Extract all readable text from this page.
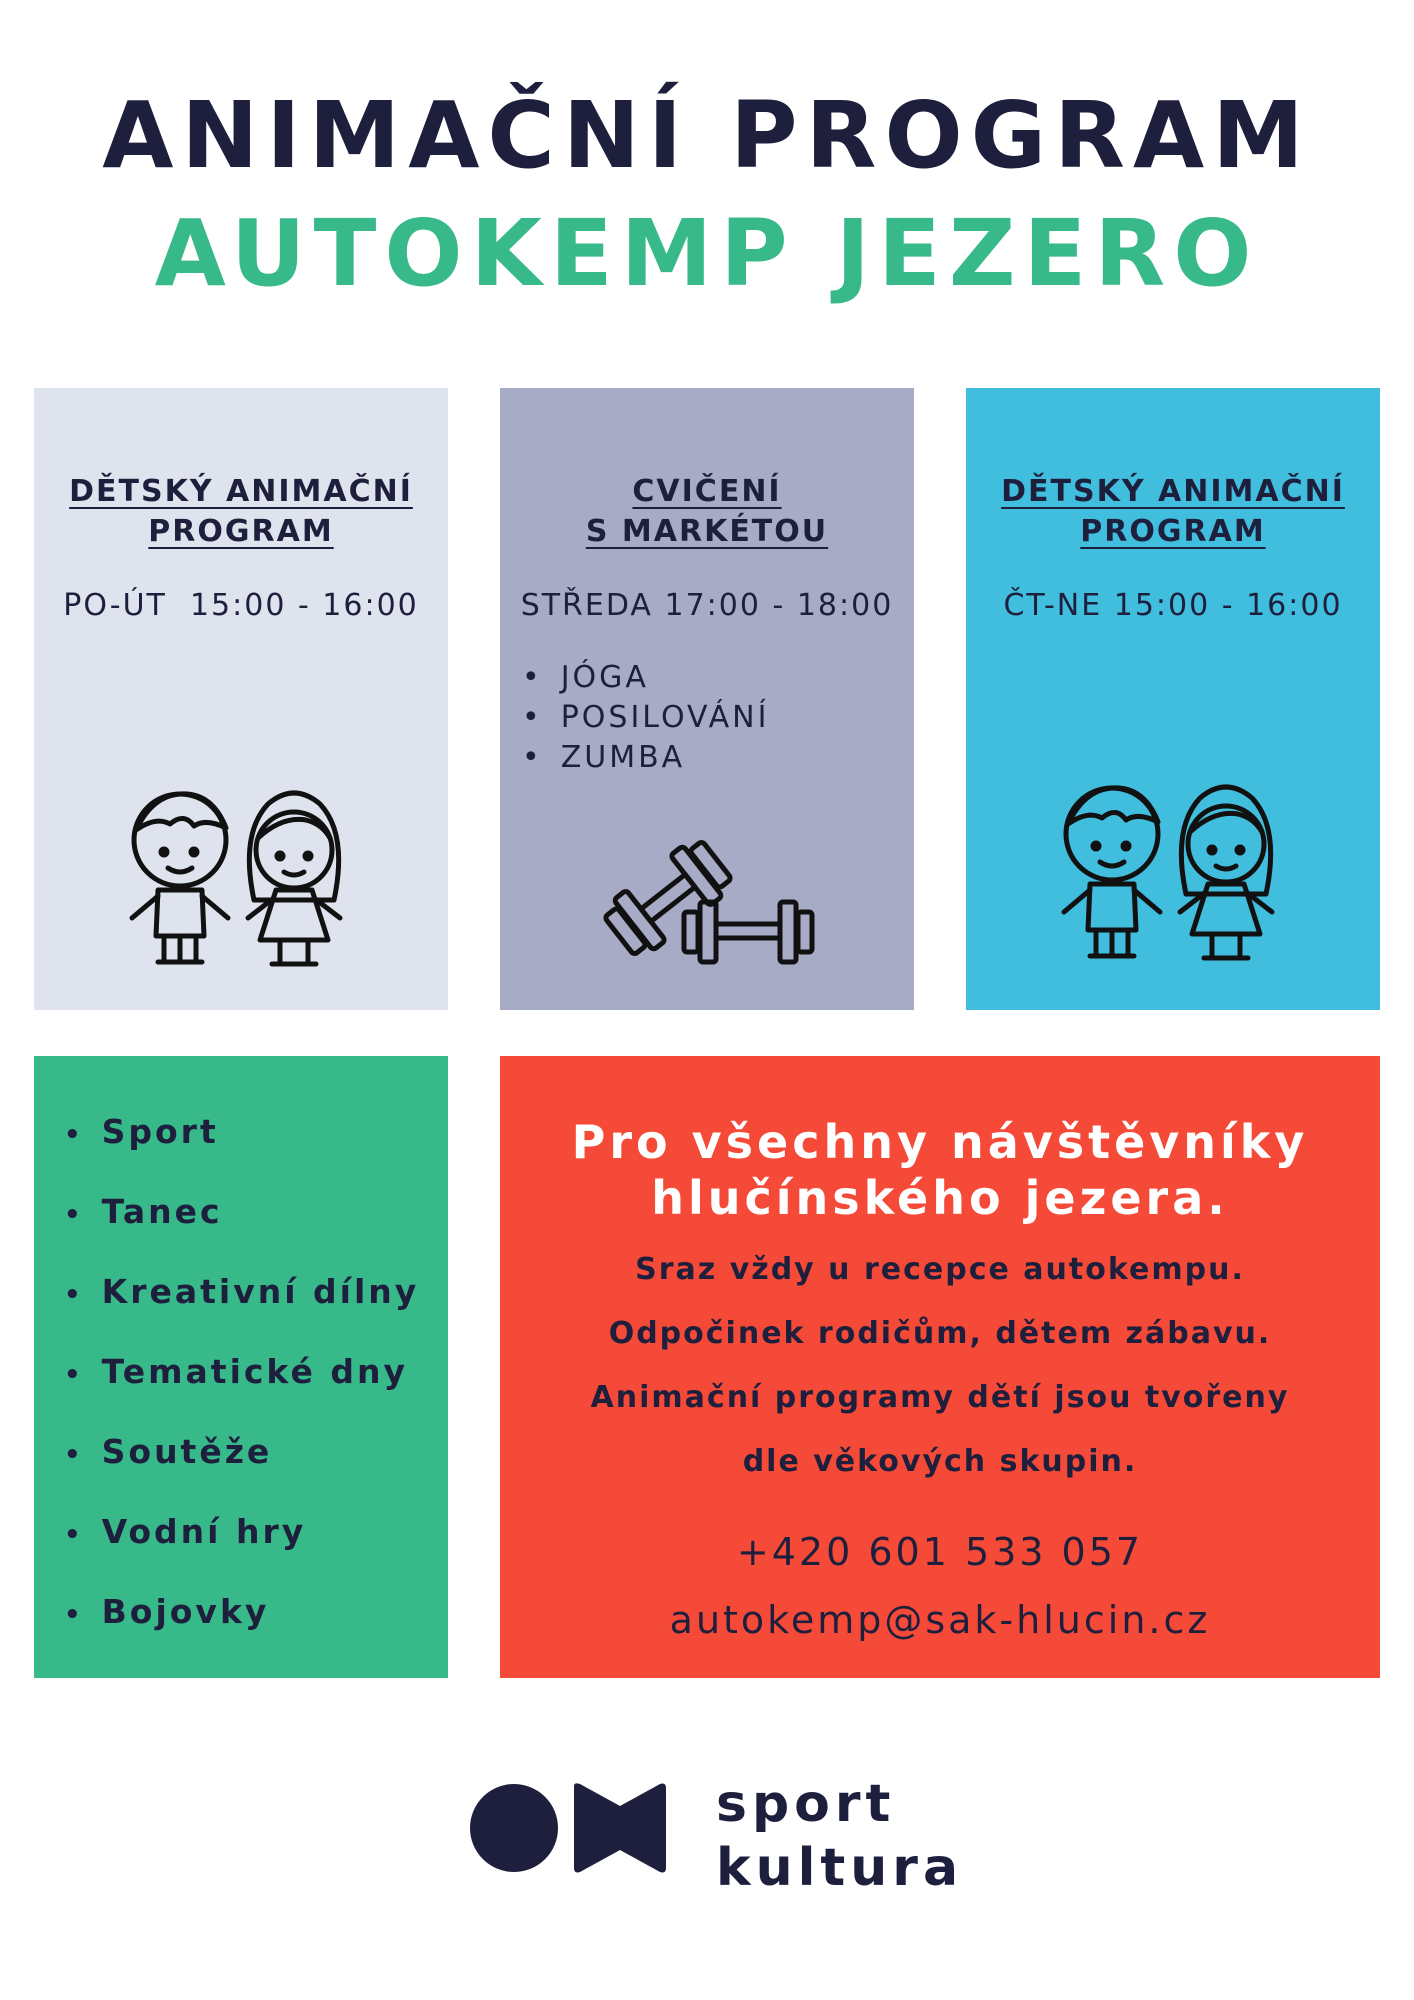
ANIMAČNÍ PROGRAM
AUTOKEMP JEZERO
DĚTSKÝ ANIMAČNÍ
PROGRAM
PO-ÚT  15:00 - 16:00
CVIČENÍ
S MARKÉTOU
STŘEDA 17:00 - 18:00
• JÓGA
• POSILOVÁNÍ
• ZUMBA
DĚTSKÝ ANIMAČNÍ
PROGRAM
ČT-NE 15:00 - 16:00
• Sport
• Tanec
• Kreativní dílny
• Tematické dny
• Soutěže
• Vodní hry
• Bojovky
Pro všechny návštěvníky
hlučínského jezera.
Sraz vždy u recepce autokempu.
Odpočinek rodičům, dětem zábavu.
Animační programy dětí jsou tvořeny
dle věkových skupin.
+420 601 533 057
autokemp@sak-hlucin.cz
sport
kultura
